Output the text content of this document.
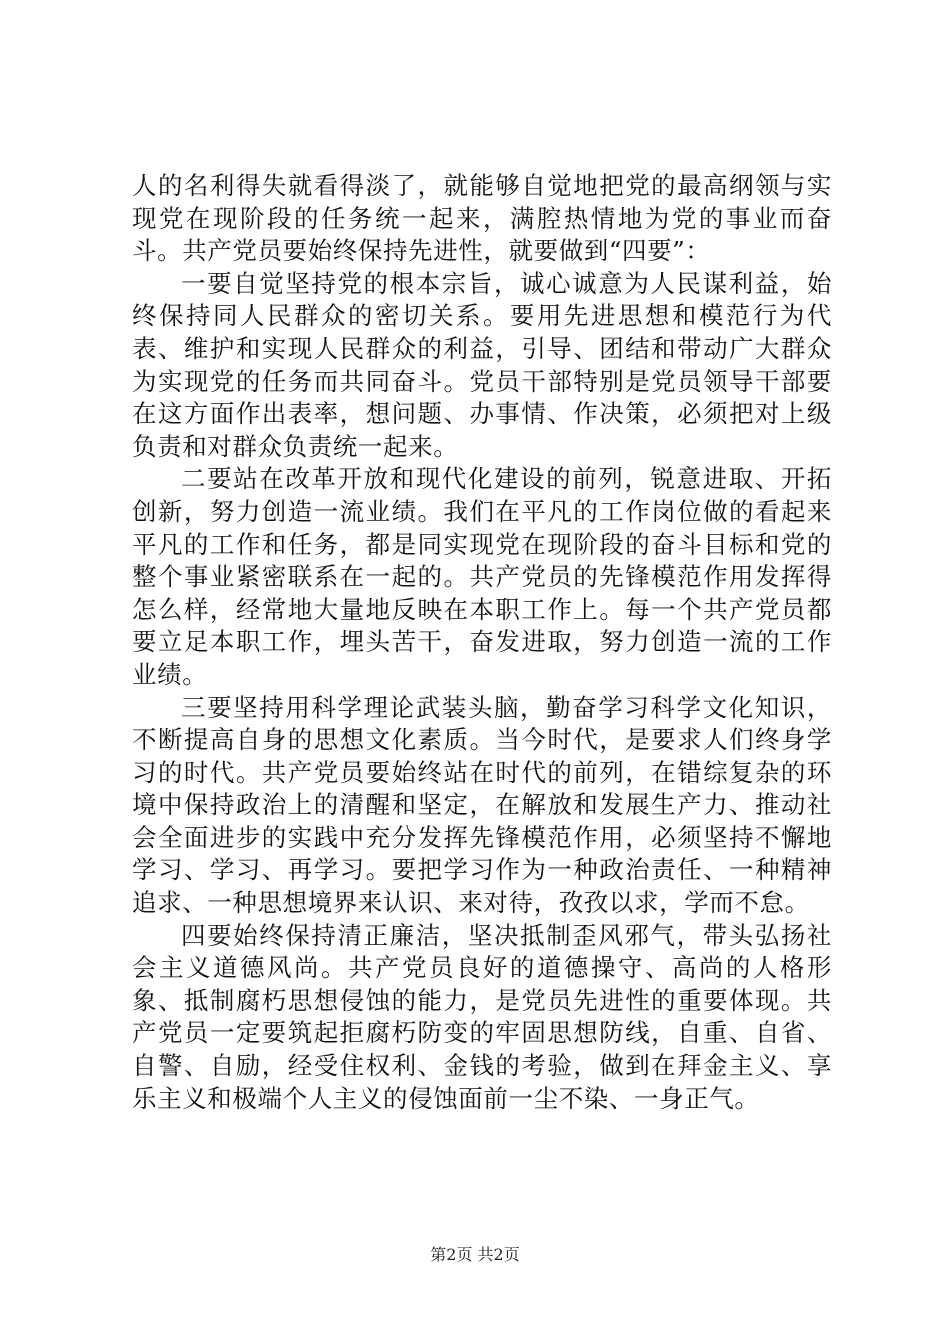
人的名利得失就看得淡了，就能够自觉地把党的最高纲领与实现党在现阶段的任务统一起来，满腔热情地为党的事业而奋斗。共产党员要始终保持先进性，就要做到“四要”：

一要自觉坚持党的根本宗旨，诚心诚意为人民谋利益，始终保持同人民群众的密切关系。要用先进思想和模范行为代表、维护和实现人民群众的利益，引导、团结和带动广大群众为实现党的任务而共同奋斗。党员干部特别是党员领导干部要在这方面作出表率，想问题、办事情、作决策，必须把对上级负责和对群众负责统一起来。

二要站在改革开放和现代化建设的前列，锐意进取、开拓创新，努力创造一流业绩。我们在平凡的工作岗位做的看起来平凡的工作和任务，都是同实现党在现阶段的奋斗目标和党的整个事业紧密联系在一起的。共产党员的先锋模范作用发挥得怎么样，经常地大量地反映在本职工作上。每一个共产党员都要立足本职工作，埋头苦干，奋发进取，努力创造一流的工作业绩。

三要坚持用科学理论武装头脑，勤奋学习科学文化知识，不断提高自身的思想文化素质。当今时代，是要求人们终身学习的时代。共产党员要始终站在时代的前列，在错综复杂的环境中保持政治上的清醒和坚定，在解放和发展生产力、推动社会全面进步的实践中充分发挥先锋模范作用，必须坚持不懈地学习、学习、再学习。要把学习作为一种政治责任、一种精神追求、一种思想境界来认识、来对待，孜孜以求，学而不怠。

四要始终保持清正廉洁，坚决抵制歪风邪气，带头弘扬社会主义道德风尚。共产党员良好的道德操守、高尚的人格形象、抵制腐朽思想侵蚀的能力，是党员先进性的重要体现。共产党员一定要筑起拒腐朽防变的牢固思想防线，自重、自省、自警、自励，经受住权利、金钱的考验，做到在拜金主义、享乐主义和极端个人主义的侵蚀面前一尘不染、一身正气。

第2页 共2页
